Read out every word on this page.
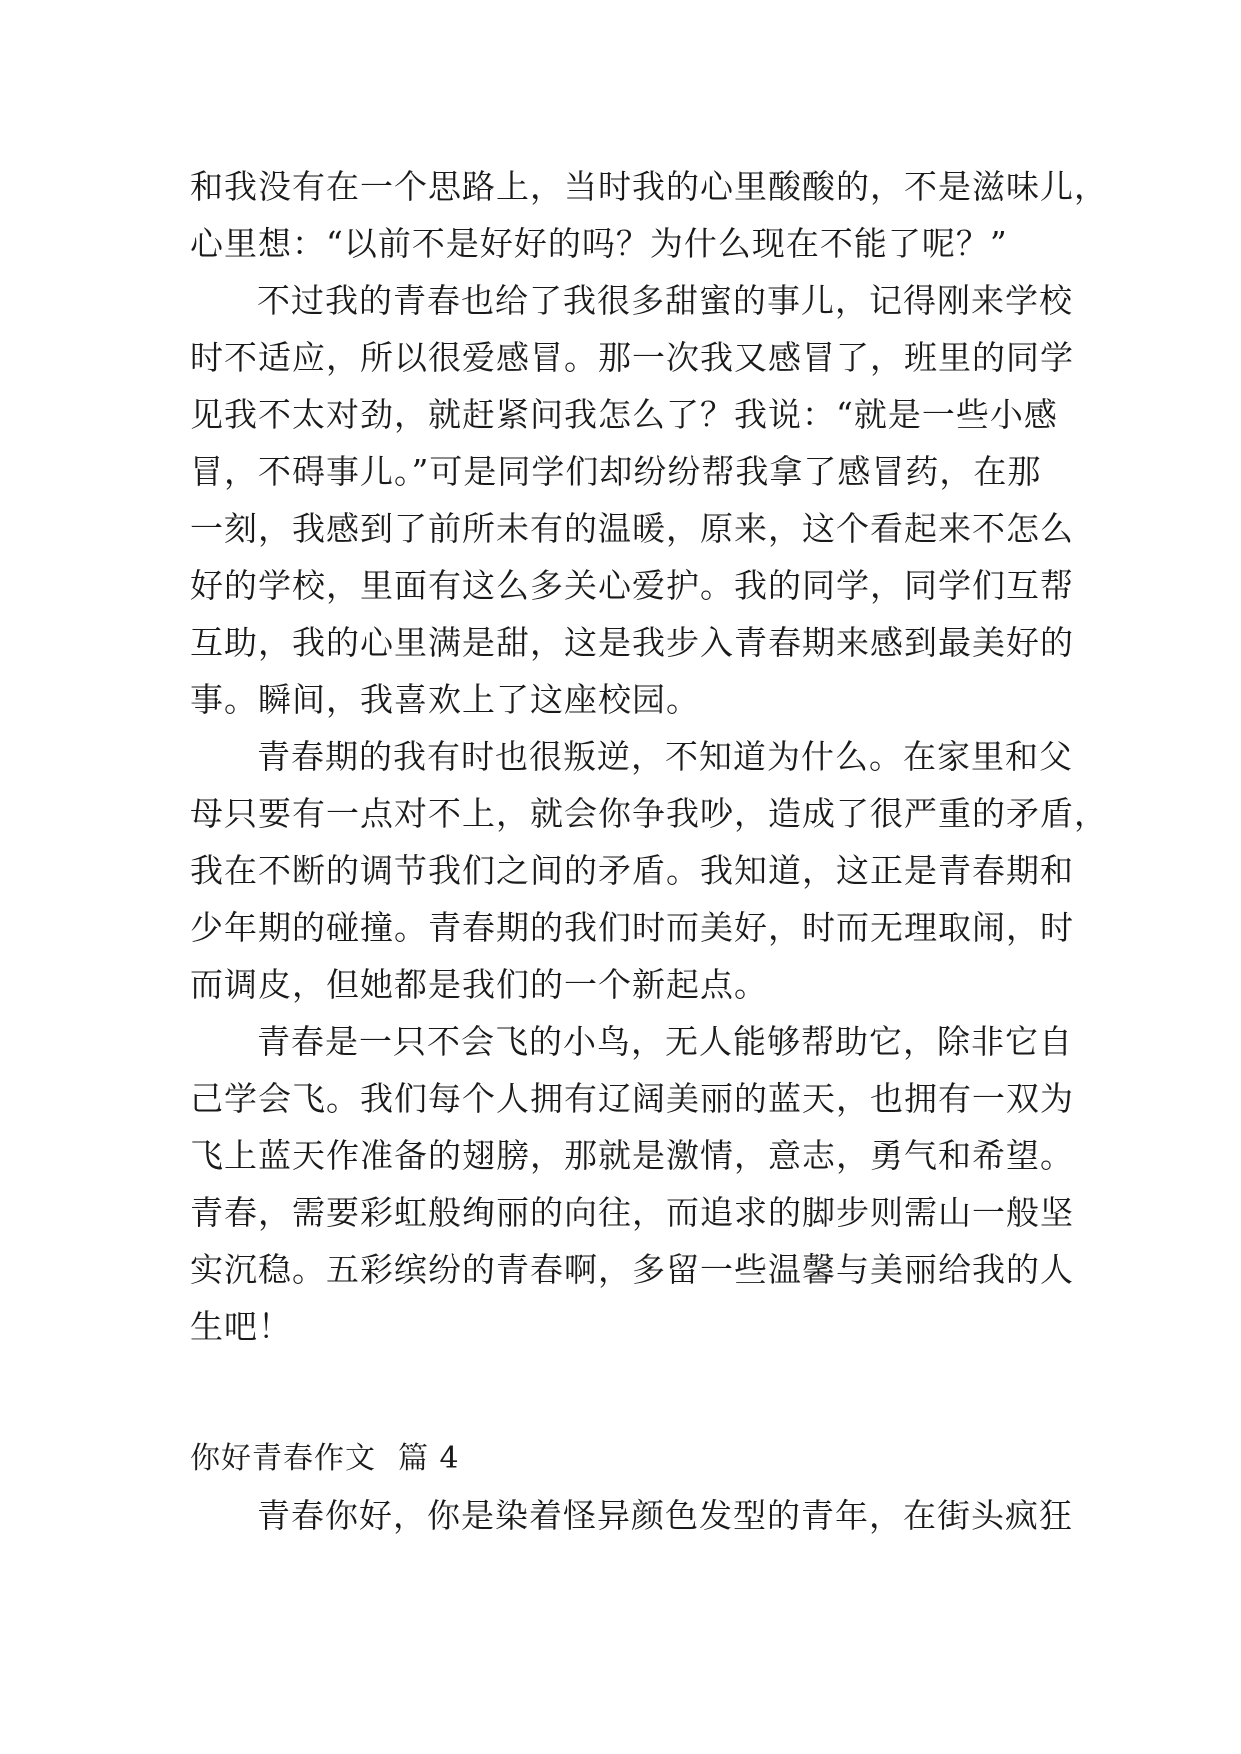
和我没有在一个思路上，当时我的心里酸酸的，不是滋味儿，
心里想：“以前不是好好的吗？为什么现在不能了呢？”
不过我的青春也给了我很多甜蜜的事儿，记得刚来学校
时不适应，所以很爱感冒。那一次我又感冒了，班里的同学
见我不太对劲，就赶紧问我怎么了？我说：“就是一些小感
冒，不碍事儿。”可是同学们却纷纷帮我拿了感冒药，在那
一刻，我感到了前所未有的温暖，原来，这个看起来不怎么
好的学校，里面有这么多关心爱护。我的同学，同学们互帮
互助，我的心里满是甜，这是我步入青春期来感到最美好的
事。瞬间，我喜欢上了这座校园。
青春期的我有时也很叛逆，不知道为什么。在家里和父
母只要有一点对不上，就会你争我吵，造成了很严重的矛盾，
我在不断的调节我们之间的矛盾。我知道，这正是青春期和
少年期的碰撞。青春期的我们时而美好，时而无理取闹，时
而调皮，但她都是我们的一个新起点。
青春是一只不会飞的小鸟，无人能够帮助它，除非它自
己学会飞。我们每个人拥有辽阔美丽的蓝天，也拥有一双为
飞上蓝天作准备的翅膀，那就是激情，意志，勇气和希望。
青春，需要彩虹般绚丽的向往，而追求的脚步则需山一般坚
实沉稳。五彩缤纷的青春啊，多留一些温馨与美丽给我的人
生吧！
你好青春作文 篇 4
青春你好，你是染着怪异颜色发型的青年，在街头疯狂
